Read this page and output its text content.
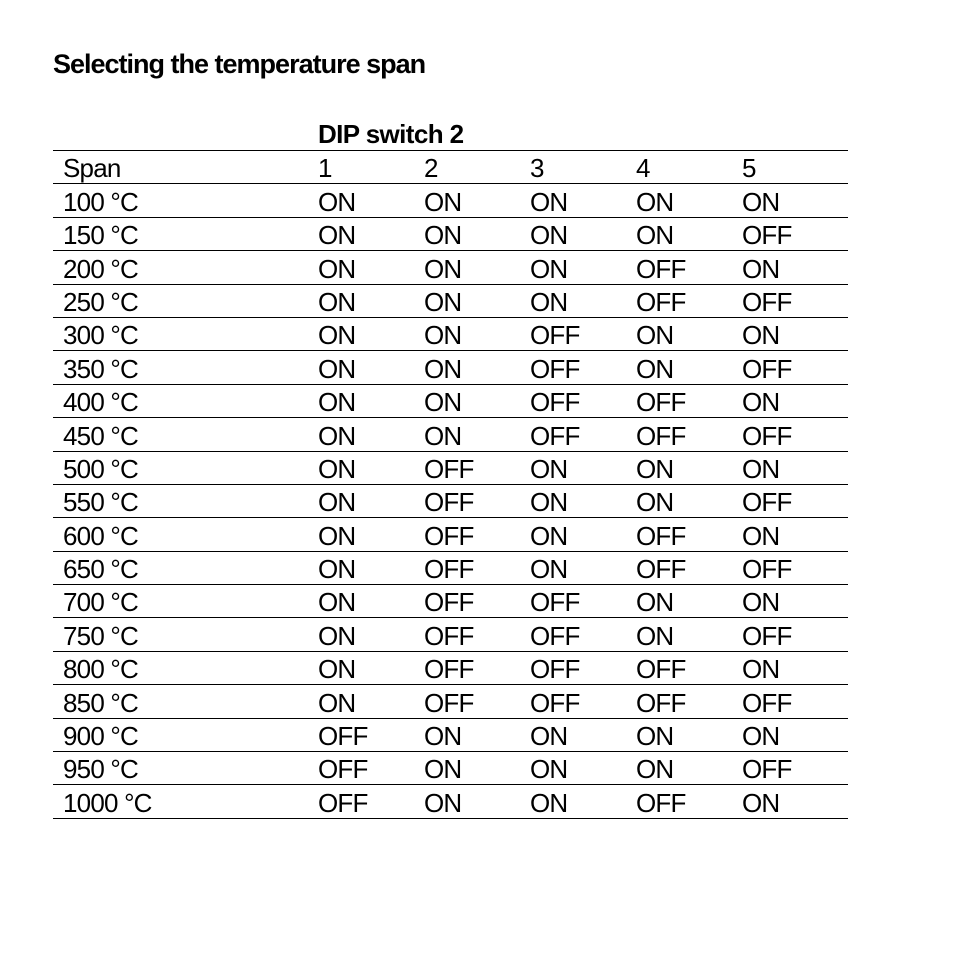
Selecting the temperature span
DIP switch 2
Span	1	2	3	4	5
100 °C	ON	ON	ON	ON	ON
150 °C	ON	ON	ON	ON	OFF
200 °C	ON	ON	ON	OFF	ON
250 °C	ON	ON	ON	OFF	OFF
300 °C	ON	ON	OFF	ON	ON
350 °C	ON	ON	OFF	ON	OFF
400 °C	ON	ON	OFF	OFF	ON
450 °C	ON	ON	OFF	OFF	OFF
500 °C	ON	OFF	ON	ON	ON
550 °C	ON	OFF	ON	ON	OFF
600 °C	ON	OFF	ON	OFF	ON
650 °C	ON	OFF	ON	OFF	OFF
700 °C	ON	OFF	OFF	ON	ON
750 °C	ON	OFF	OFF	ON	OFF
800 °C	ON	OFF	OFF	OFF	ON
850 °C	ON	OFF	OFF	OFF	OFF
900 °C	OFF	ON	ON	ON	ON
950 °C	OFF	ON	ON	ON	OFF
1000 °C	OFF	ON	ON	OFF	ON
